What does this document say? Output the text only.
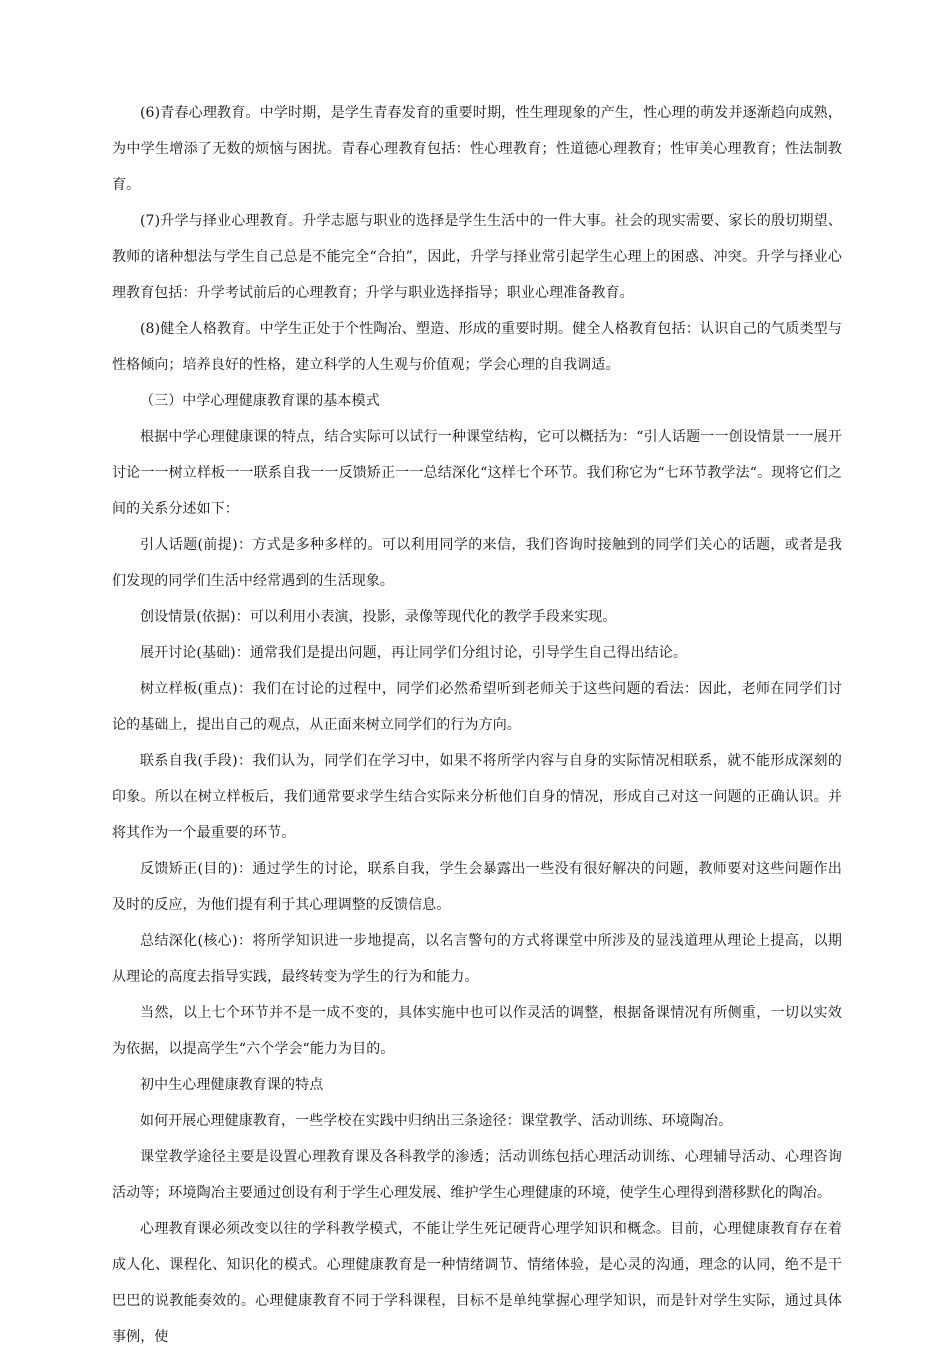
(6)青春心理教育。中学时期，是学生青春发育的重要时期，性生理现象的产生，性心理的萌发并逐渐趋向成熟，为中学生增添了无数的烦恼与困扰。青春心理教育包括：性心理教育；性道德心理教育；性审美心理教育；性法制教育。

(7)升学与择业心理教育。升学志愿与职业的选择是学生生活中的一件大事。社会的现实需要、家长的殷切期望、教师的诸种想法与学生自己总是不能完全“合拍”，因此，升学与择业常引起学生心理上的困惑、冲突。升学与择业心理教育包括：升学考试前后的心理教育；升学与职业选择指导；职业心理准备教育。

(8)健全人格教育。中学生正处于个性陶冶、塑造、形成的重要时期。健全人格教育包括：认识自己的气质类型与性格倾向；培养良好的性格，建立科学的人生观与价值观；学会心理的自我调适。

（三）中学心理健康教育课的基本模式

根据中学心理健康课的特点，结合实际可以试行一种课堂结构，它可以概括为：“引人话题一一创设情景一一展开讨论一一树立样板一一联系自我一一反馈矫正一一总结深化“这样七个环节。我们称它为“七环节教学法“。现将它们之间的关系分述如下：

引人话题(前提)：方式是多种多样的。可以利用同学的来信，我们咨询时接触到的同学们关心的话题，或者是我们发现的同学们生活中经常遇到的生活现象。

创设情景(依据)：可以利用小表演，投影，录像等现代化的教学手段来实现。

展开讨论(基础)：通常我们是提出问题，再让同学们分组讨论，引导学生自己得出结论。

树立样板(重点)：我们在讨论的过程中，同学们必然希望听到老师关于这些问题的看法：因此，老师在同学们讨论的基础上，提出自己的观点，从正面来树立同学们的行为方向。

联系自我(手段)：我们认为，同学们在学习中，如果不将所学内容与自身的实际情况相联系，就不能形成深刻的印象。所以在树立样板后，我们通常要求学生结合实际来分析他们自身的情况，形成自己对这一问题的正确认识。并将其作为一个最重要的环节。

反馈矫正(目的)：通过学生的讨论，联系自我，学生会暴露出一些没有很好解决的问题，教师要对这些问题作出及时的反应，为他们提有利于其心理调整的反馈信息。

总结深化(核心)：将所学知识进一步地提高，以名言警句的方式将课堂中所涉及的显浅道理从理论上提高，以期从理论的高度去指导实践，最终转变为学生的行为和能力。

当然，以上七个环节并不是一成不变的，具体实施中也可以作灵活的调整，根据备课情况有所侧重，一切以实效为依据，以提高学生“六个学会“能力为目的。

初中生心理健康教育课的特点

如何开展心理健康教育，一些学校在实践中归纳出三条途径：课堂教学、活动训练、环境陶冶。

课堂教学途径主要是设置心理教育课及各科教学的渗透；活动训练包括心理活动训练、心理辅导活动、心理咨询活动等；环境陶冶主要通过创设有利于学生心理发展、维护学生心理健康的环境，使学生心理得到潜移默化的陶冶。

心理教育课必须改变以往的学科教学模式，不能让学生死记硬背心理学知识和概念。目前，心理健康教育存在着成人化、课程化、知识化的模式。心理健康教育是一种情绪调节、情绪体验，是心灵的沟通，理念的认同，绝不是干巴巴的说教能奏效的。心理健康教育不同于学科课程，目标不是单纯掌握心理学知识，而是针对学生实际，通过具体事例，使
